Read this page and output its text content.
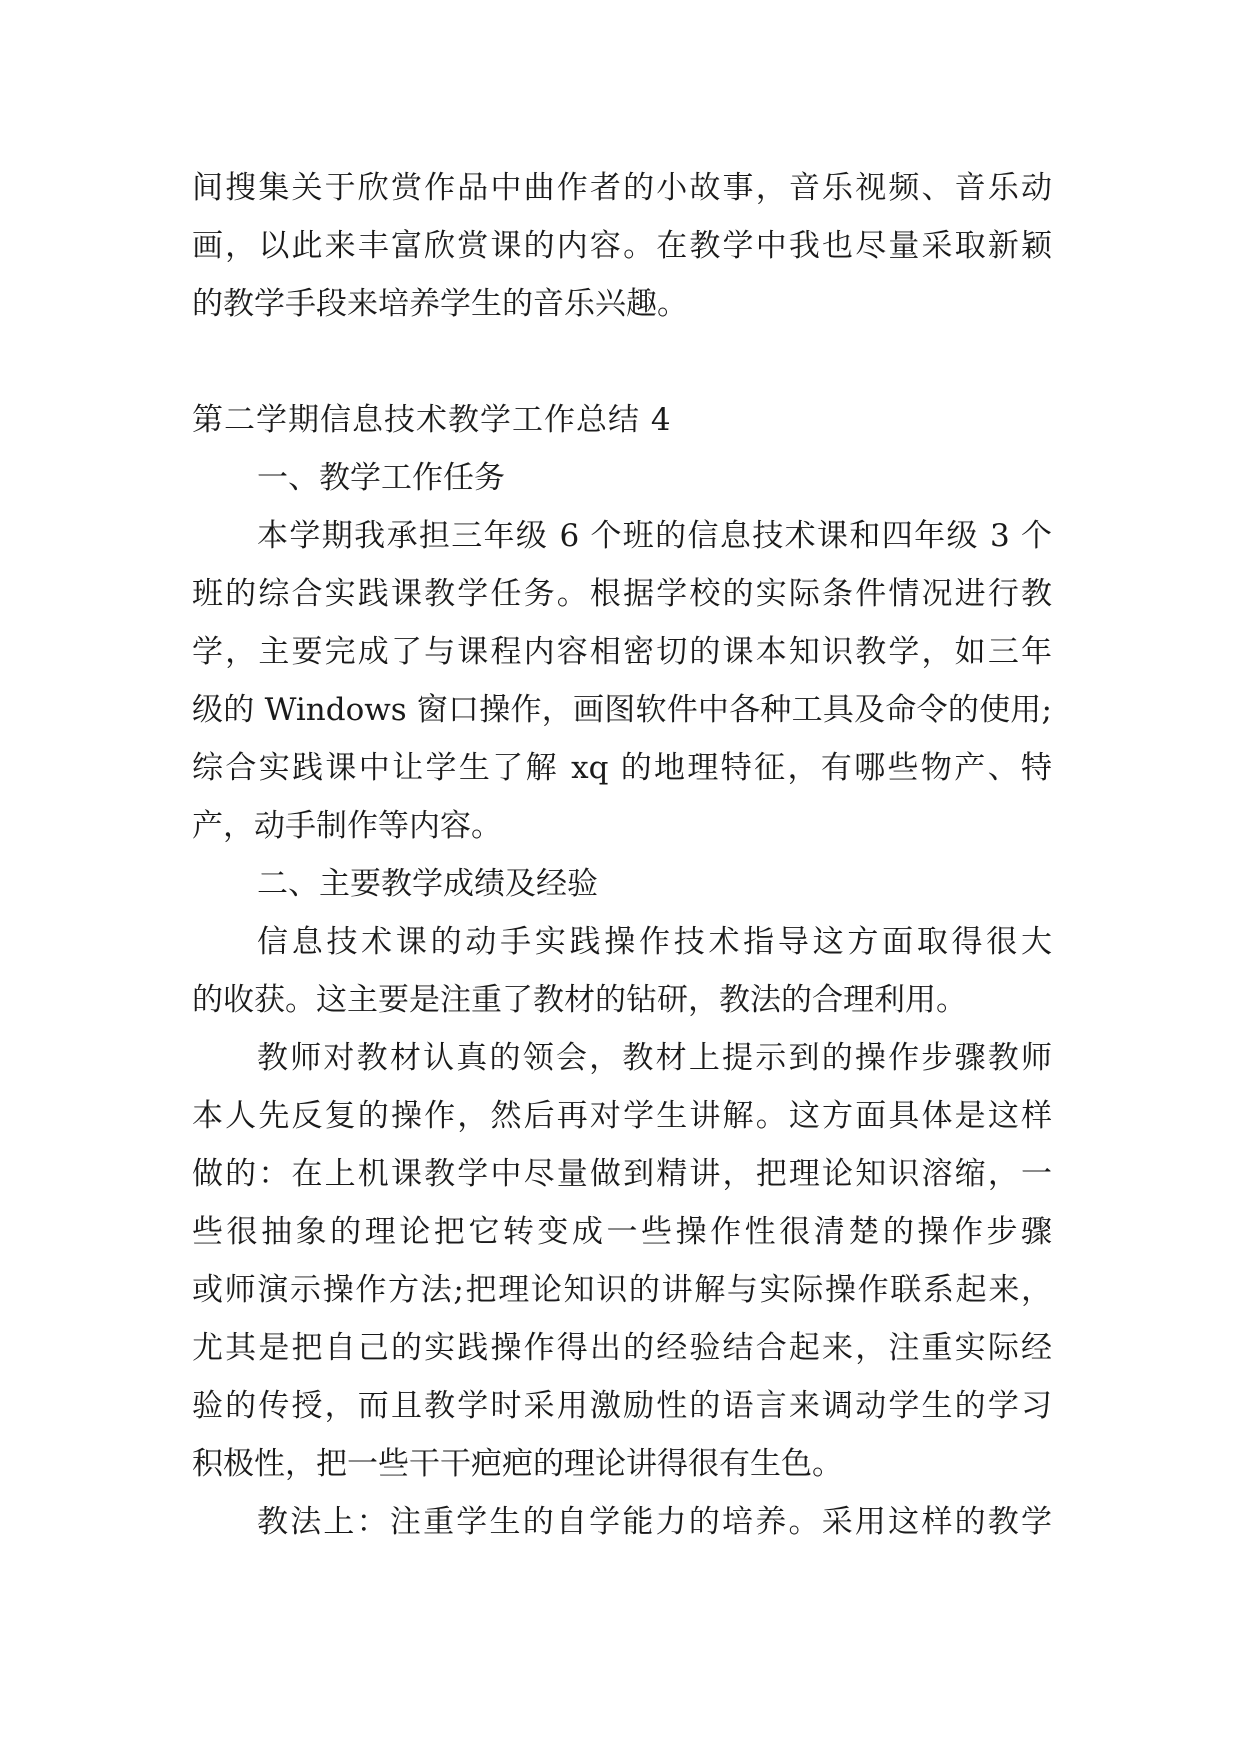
间搜集关于欣赏作品中曲作者的小故事，音乐视频、音乐动
画，以此来丰富欣赏课的内容。在教学中我也尽量采取新颖
的教学手段来培养学生的音乐兴趣。
第二学期信息技术教学工作总结 4
一、教学工作任务
本学期我承担三年级 6 个班的信息技术课和四年级 3 个
班的综合实践课教学任务。根据学校的实际条件情况进行教
学，主要完成了与课程内容相密切的课本知识教学，如三年
级的 Windows 窗口操作，画图软件中各种工具及命令的使用;
综合实践课中让学生了解 xq 的地理特征，有哪些物产、特
产，动手制作等内容。
二、主要教学成绩及经验
信息技术课的动手实践操作技术指导这方面取得很大
的收获。这主要是注重了教材的钻研，教法的合理利用。
教师对教材认真的领会，教材上提示到的操作步骤教师
本人先反复的操作，然后再对学生讲解。这方面具体是这样
做的：在上机课教学中尽量做到精讲，把理论知识溶缩，一
些很抽象的理论把它转变成一些操作性很清楚的操作步骤
或师演示操作方法;把理论知识的讲解与实际操作联系起来，
尤其是把自己的实践操作得出的经验结合起来，注重实际经
验的传授，而且教学时采用激励性的语言来调动学生的学习
积极性，把一些干干疤疤的理论讲得很有生色。
教法上：注重学生的自学能力的培养。采用这样的教学
